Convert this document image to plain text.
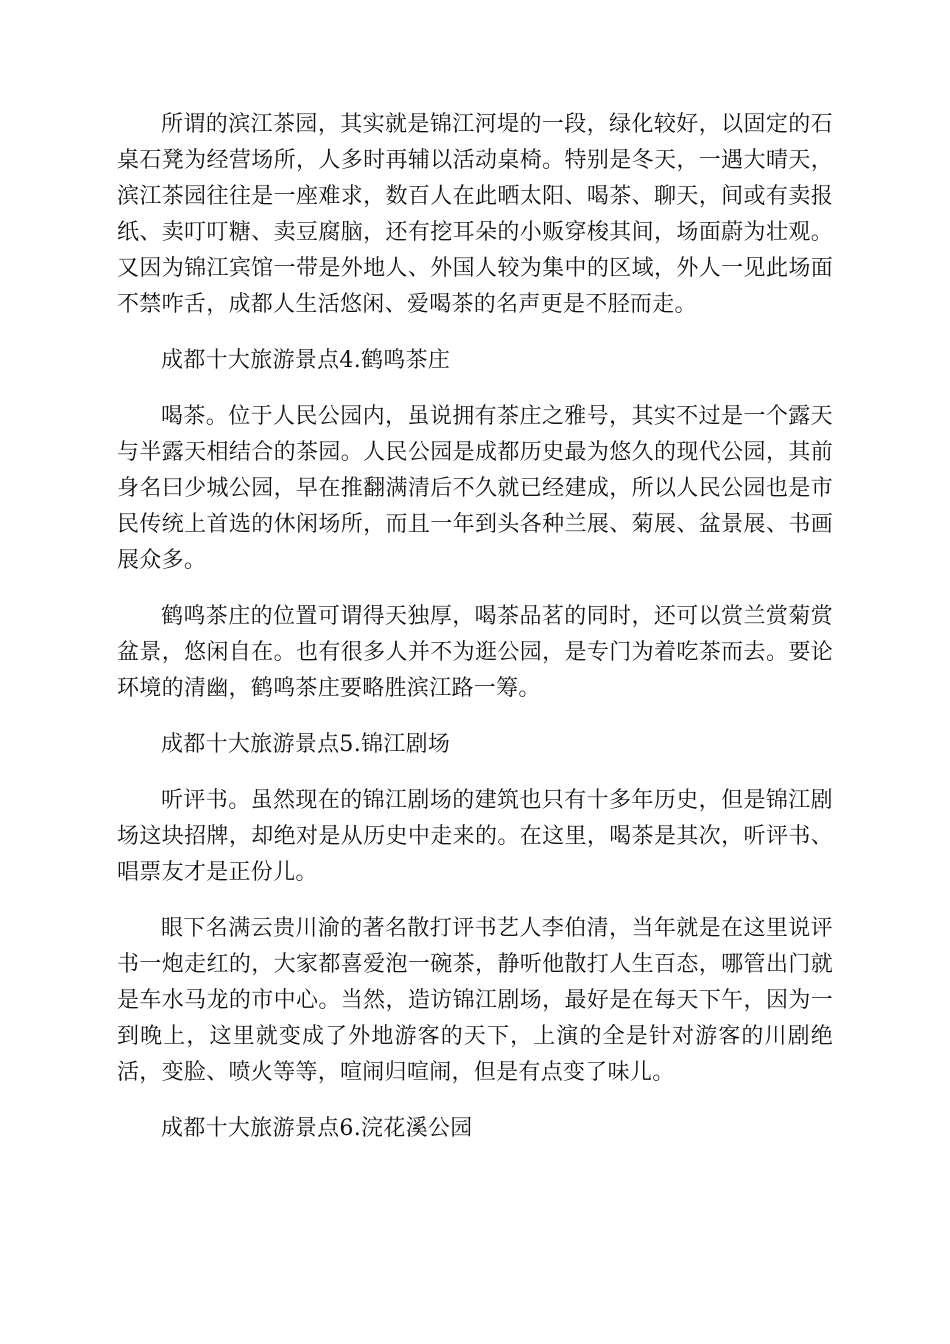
所谓的滨江茶园，其实就是锦江河堤的一段，绿化较好，以固定的石桌石凳为经营场所，人多时再辅以活动桌椅。特别是冬天，一遇大晴天，滨江茶园往往是一座难求，数百人在此晒太阳、喝茶、聊天，间或有卖报纸、卖叮叮糖、卖豆腐脑，还有挖耳朵的小贩穿梭其间，场面蔚为壮观。又因为锦江宾馆一带是外地人、外国人较为集中的区域，外人一见此场面不禁咋舌，成都人生活悠闲、爱喝茶的名声更是不胫而走。

成都十大旅游景点4.鹤鸣茶庄

喝茶。位于人民公园内，虽说拥有茶庄之雅号，其实不过是一个露天与半露天相结合的茶园。人民公园是成都历史最为悠久的现代公园，其前身名曰少城公园，早在推翻满清后不久就已经建成，所以人民公园也是市民传统上首选的休闲场所，而且一年到头各种兰展、菊展、盆景展、书画展众多。

鹤鸣茶庄的位置可谓得天独厚，喝茶品茗的同时，还可以赏兰赏菊赏盆景，悠闲自在。也有很多人并不为逛公园，是专门为着吃茶而去。要论环境的清幽，鹤鸣茶庄要略胜滨江路一筹。

成都十大旅游景点5.锦江剧场

听评书。虽然现在的锦江剧场的建筑也只有十多年历史，但是锦江剧场这块招牌，却绝对是从历史中走来的。在这里，喝茶是其次，听评书、唱票友才是正份儿。

眼下名满云贵川渝的著名散打评书艺人李伯清，当年就是在这里说评书一炮走红的，大家都喜爱泡一碗茶，静听他散打人生百态，哪管出门就是车水马龙的市中心。当然，造访锦江剧场，最好是在每天下午，因为一到晚上，这里就变成了外地游客的天下，上演的全是针对游客的川剧绝活，变脸、喷火等等，喧闹归喧闹，但是有点变了味儿。

成都十大旅游景点6.浣花溪公园
